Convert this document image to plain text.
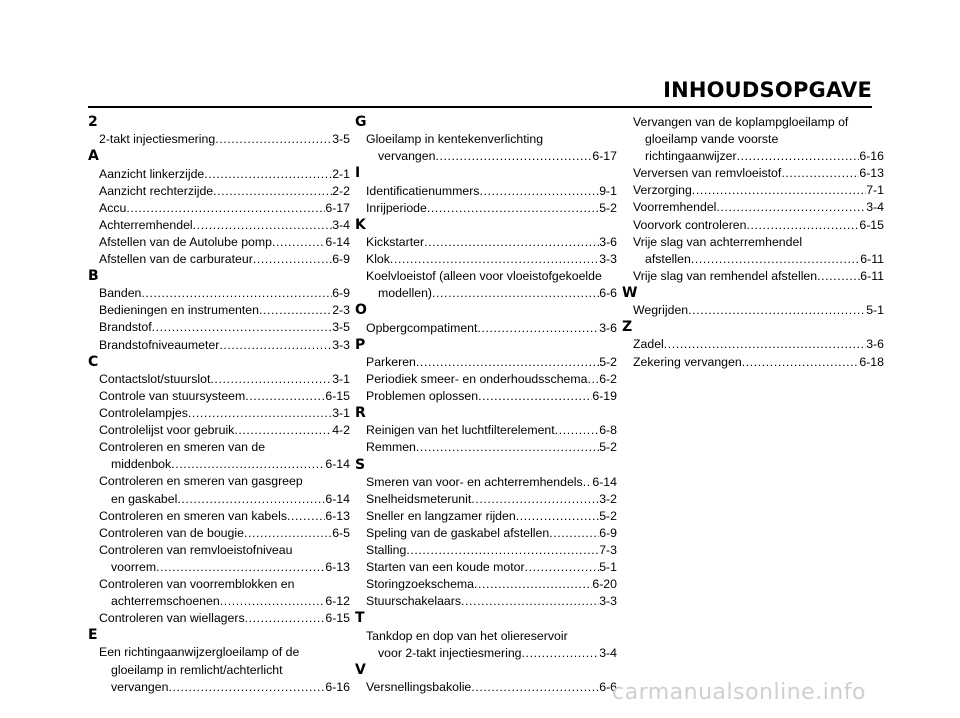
INHOUDSOPGAVE
2
2-takt injectiesmering .....	3-5
A
Aanzicht linkerzijde .....	2-1
Aanzicht rechterzijde .....	2-2
Accu .....	6-17
Achterremhendel .....	3-4
Afstellen van de Autolube pomp .....	6-14
Afstellen van de carburateur .....	6-9
B
Banden .....	6-9
Bedieningen en instrumenten .....	2-3
Brandstof .....	3-5
Brandstofniveaumeter .....	3-3
C
Contactslot/stuurslot .....	3-1
Controle van stuursysteem .....	6-15
Controlelampjes .....	3-1
Controlelijst voor gebruik .....	4-2
Controleren en smeren van de
middenbok .....	6-14
Controleren en smeren van gasgreep
en gaskabel .....	6-14
Controleren en smeren van kabels .....	6-13
Controleren van de bougie .....	6-5
Controleren van remvloeistofniveau
voorrem .....	6-13
Controleren van voorremblokken en
achterremschoenen .....	6-12
Controleren van wiellagers .....	6-15
E
Een richtingaanwijzergloeilamp of de
gloeilamp in remlicht/achterlicht
vervangen .....	6-16
G
Gloeilamp in kentekenverlichting
vervangen .....	6-17
I
Identificatienummers .....	9-1
Inrijperiode .....	5-2
K
Kickstarter .....	3-6
Klok .....	3-3
Koelvloeistof (alleen voor vloeistofgekoelde
modellen) .....	6-6
O
Opbergcompatiment .....	3-6
P
Parkeren .....	5-2
Periodiek smeer- en onderhoudsschema ..... 6-2
Problemen oplossen .....	6-19
R
Reinigen van het luchtfilterelement .....	6-8
Remmen .....	5-2
S
Smeren van voor- en achterremhendels ..... 6-14
Snelheidsmeterunit .....	3-2
Sneller en langzamer rijden .....	5-2
Speling van de gaskabel afstellen .....	6-9
Stalling .....	7-3
Starten van een koude motor .....	5-1
Storingzoekschema .....	6-20
Stuurschakelaars .....	3-3
T
Tankdop en dop van het oliereservoir
voor 2-takt injectiesmering .....	3-4
V
Versnellingsbakolie .....	6-6
Vervangen van de koplampgloeilamp of
gloeilamp vande voorste
richtingaanwijzer .....	6-16
Verversen van remvloeistof .....	6-13
Verzorging .....	7-1
Voorremhendel .....	3-4
Voorvork controleren .....	6-15
Vrije slag van achterremhendel
afstellen .....	6-11
Vrije slag van remhendel afstellen .....	6-11
W
Wegrijden .....	5-1
Z
Zadel .....	3-6
Zekering vervangen .....	6-18
carmanualsonline.info
